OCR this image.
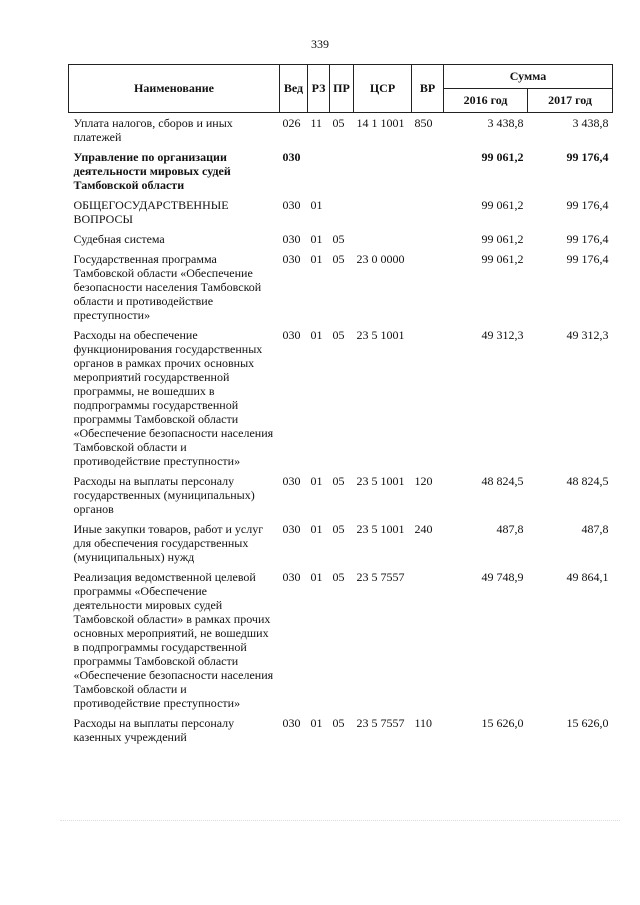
339
Наименование	Вед	РЗ	ПР	ЦСР	ВР	Сумма	
						2016 год	2017 год
Уплата налогов, сборов и иных платежей	026	11	05	14 1 1001	850	3 438,8	3 438,8
Управление по организации деятельности мировых судей Тамбовской области	030					99 061,2	99 176,4
ОБЩЕГОСУДАРСТВЕННЫЕ ВОПРОСЫ	030	01				99 061,2	99 176,4
Судебная система	030	01	05			99 061,2	99 176,4
Государственная программа Тамбовской области «Обеспечение безопасности населения Тамбовской области и противодействие преступности»	030	01	05	23 0 0000		99 061,2	99 176,4
Расходы на обеспечение функционирования государственных органов в рамках прочих основных мероприятий государственной программы, не вошедших в подпрограммы государственной программы Тамбовской области «Обеспечение безопасности населения Тамбовской области и противодействие преступности»	030	01	05	23 5 1001		49 312,3	49 312,3
Расходы на выплаты персоналу государственных (муниципальных) органов	030	01	05	23 5 1001	120	48 824,5	48 824,5
Иные закупки товаров, работ и услуг для обеспечения государственных (муниципальных) нужд	030	01	05	23 5 1001	240	487,8	487,8
Реализация ведомственной целевой программы «Обеспечение деятельности мировых судей Тамбовской области» в рамках прочих основных мероприятий, не вошедших в подпрограммы государственной программы Тамбовской области «Обеспечение безопасности населения Тамбовской области и противодействие преступности»	030	01	05	23 5 7557		49 748,9	49 864,1
Расходы на выплаты персоналу казенных учреждений	030	01	05	23 5 7557	110	15 626,0	15 626,0
